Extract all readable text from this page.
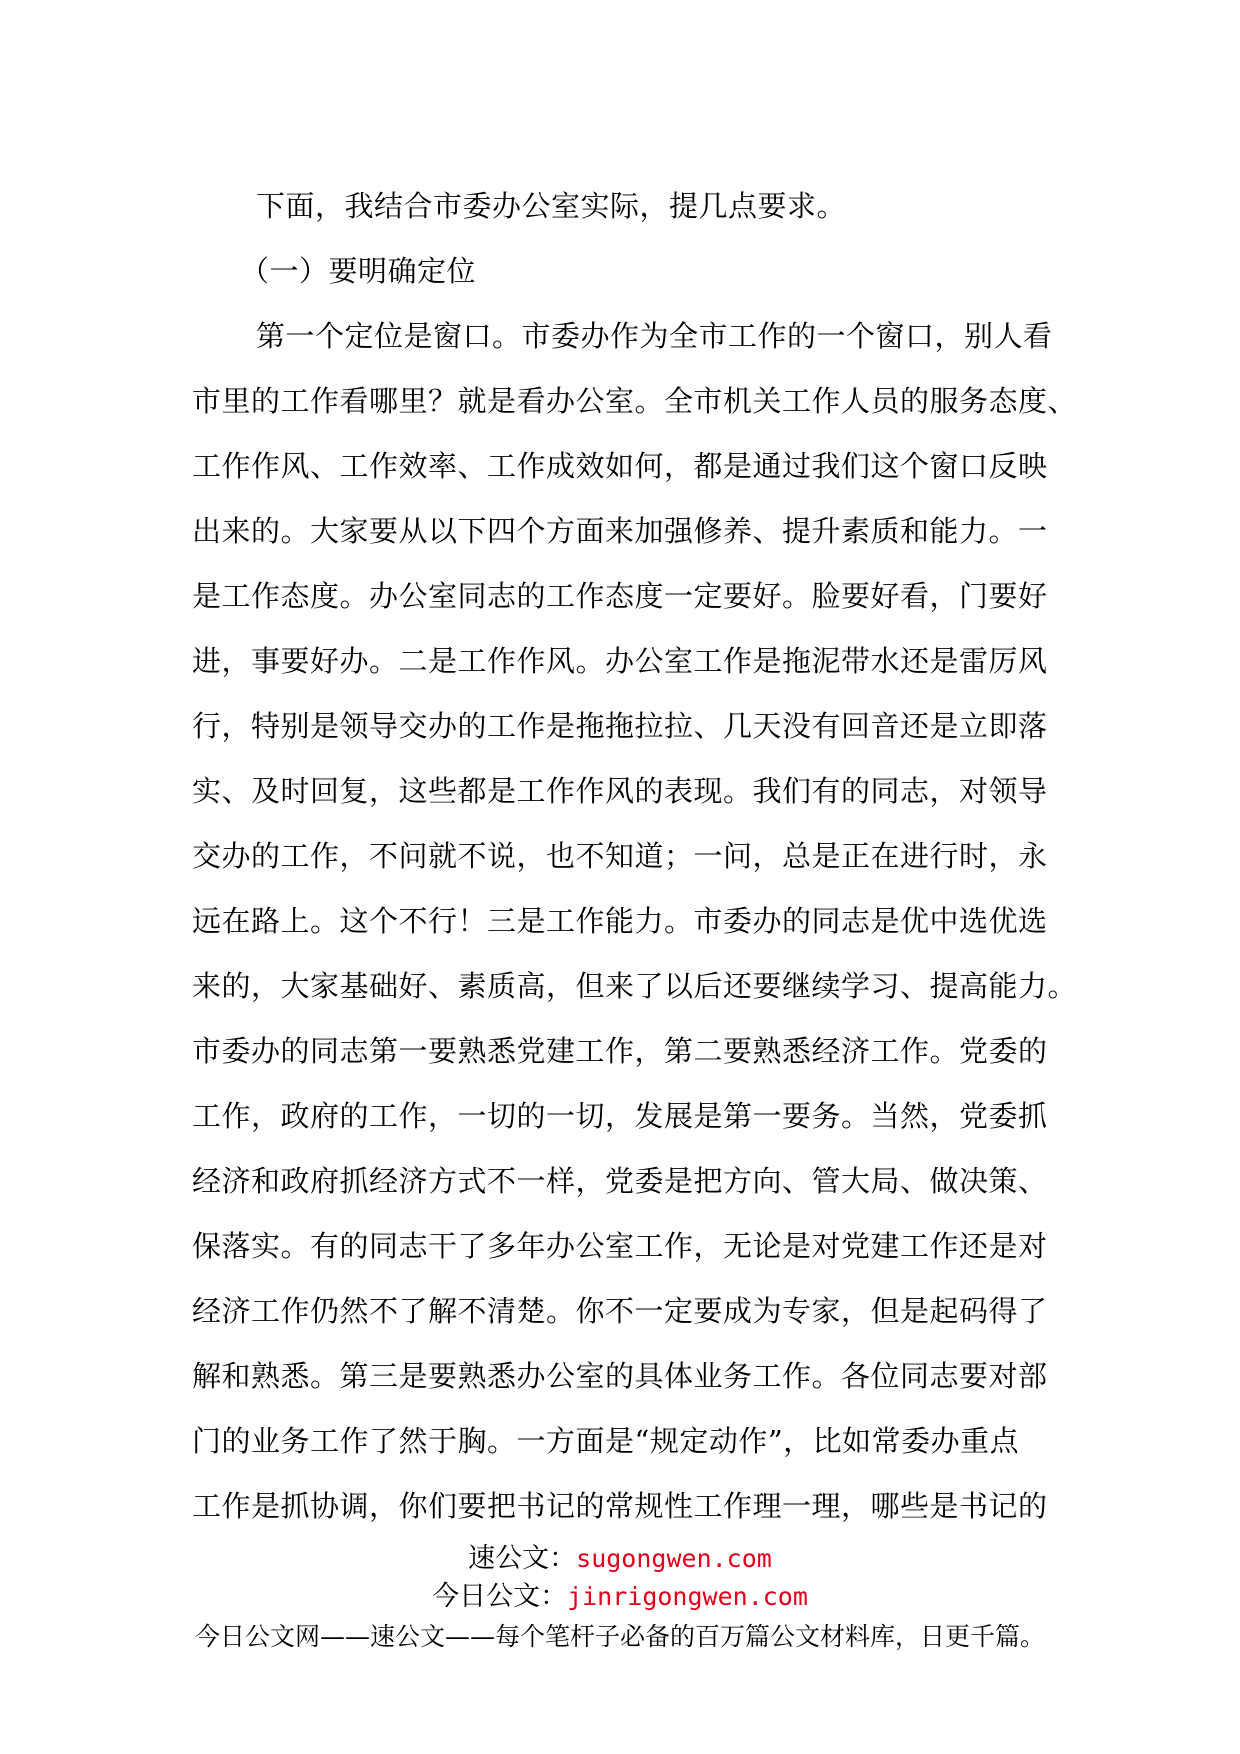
下面，我结合市委办公室实际，提几点要求。
（一）要明确定位
第一个定位是窗口。市委办作为全市工作的一个窗口，别人看
市里的工作看哪里？就是看办公室。全市机关工作人员的服务态度、
工作作风、工作效率、工作成效如何，都是通过我们这个窗口反映
出来的。大家要从以下四个方面来加强修养、提升素质和能力。一
是工作态度。办公室同志的工作态度一定要好。脸要好看，门要好
进，事要好办。二是工作作风。办公室工作是拖泥带水还是雷厉风
行，特别是领导交办的工作是拖拖拉拉、几天没有回音还是立即落
实、及时回复，这些都是工作作风的表现。我们有的同志，对领导
交办的工作，不问就不说，也不知道；一问，总是正在进行时，永
远在路上。这个不行！三是工作能力。市委办的同志是优中选优选
来的，大家基础好、素质高，但来了以后还要继续学习、提高能力。
市委办的同志第一要熟悉党建工作，第二要熟悉经济工作。党委的
工作，政府的工作，一切的一切，发展是第一要务。当然，党委抓
经济和政府抓经济方式不一样，党委是把方向、管大局、做决策、
保落实。有的同志干了多年办公室工作，无论是对党建工作还是对
经济工作仍然不了解不清楚。你不一定要成为专家，但是起码得了
解和熟悉。第三是要熟悉办公室的具体业务工作。各位同志要对部
门的业务工作了然于胸。一方面是“规定动作”，比如常委办重点
工作是抓协调，你们要把书记的常规性工作理一理，哪些是书记的
速公文：sugongwen.com
今日公文：jinrigongwen.com
今日公文网——速公文——每个笔杆子必备的百万篇公文材料库，日更千篇。
